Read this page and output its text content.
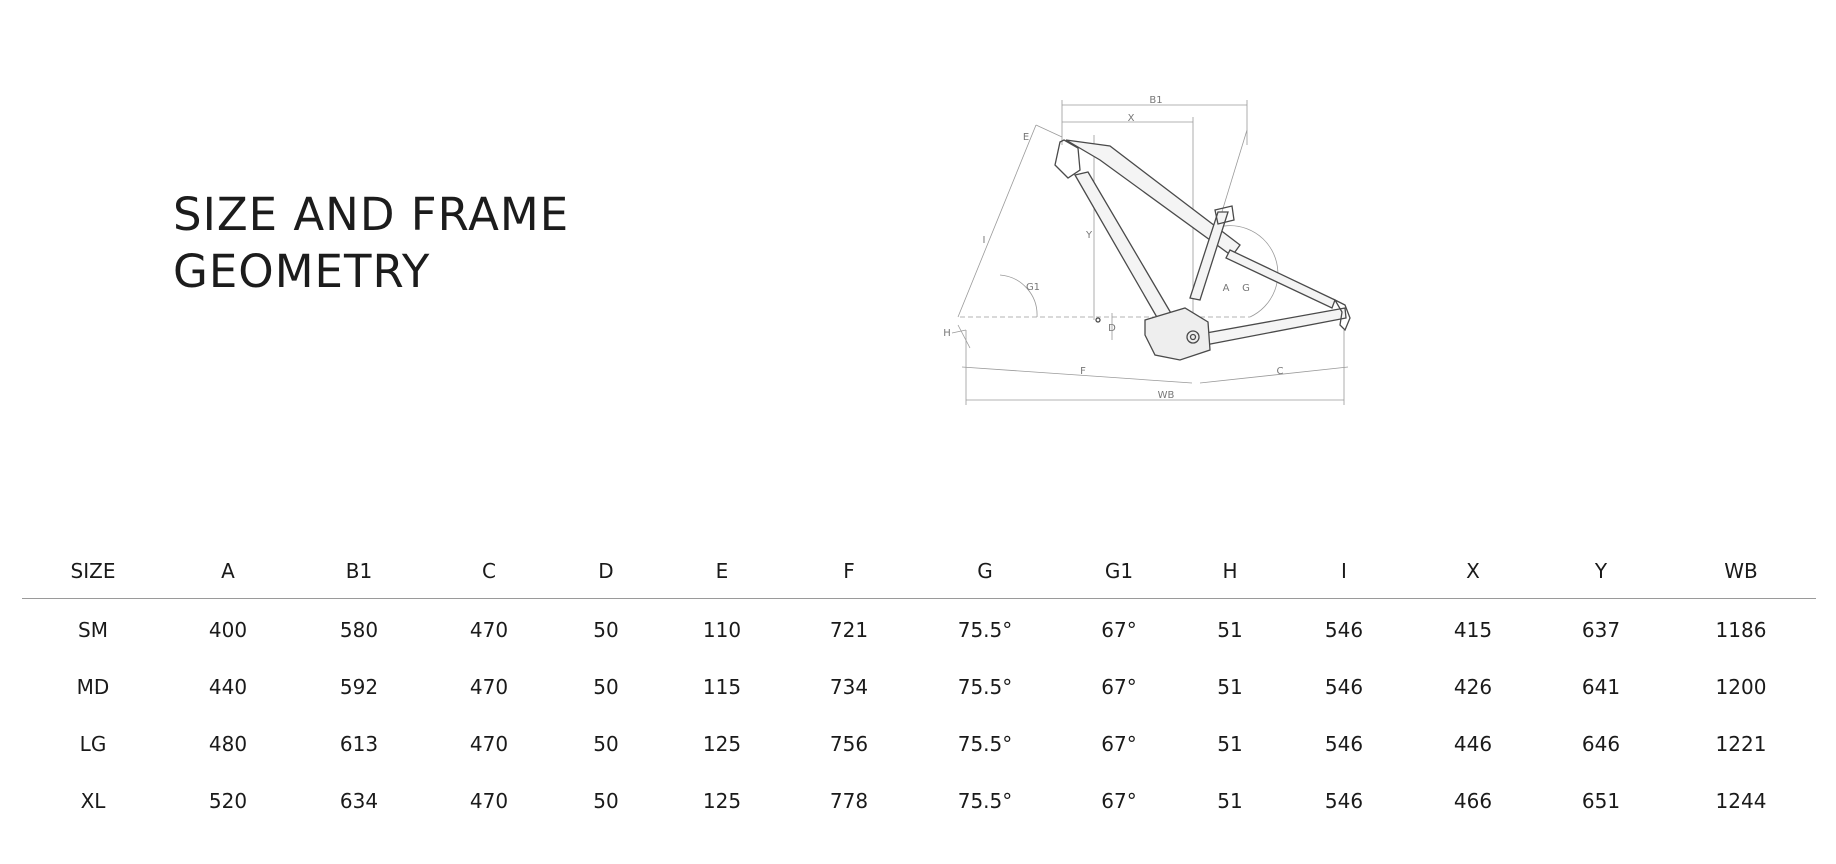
SIZE AND FRAME
GEOMETRY
B1
X
E
I
G1
H
Y
D
A G
F	C
WB
SIZE	A	B1	C	D	E	F	G	G1	H	I	X	Y	WB
SM	400	580	470	50	110	721	75.5°	67°	51	546	415	637	1186
MD	440	592	470	50	115	734	75.5°	67°	51	546	426	641	1200
LG	480	613	470	50	125	756	75.5°	67°	51	546	446	646	1221
XL	520	634	470	50	125	778	75.5°	67°	51	546	466	651	1244
